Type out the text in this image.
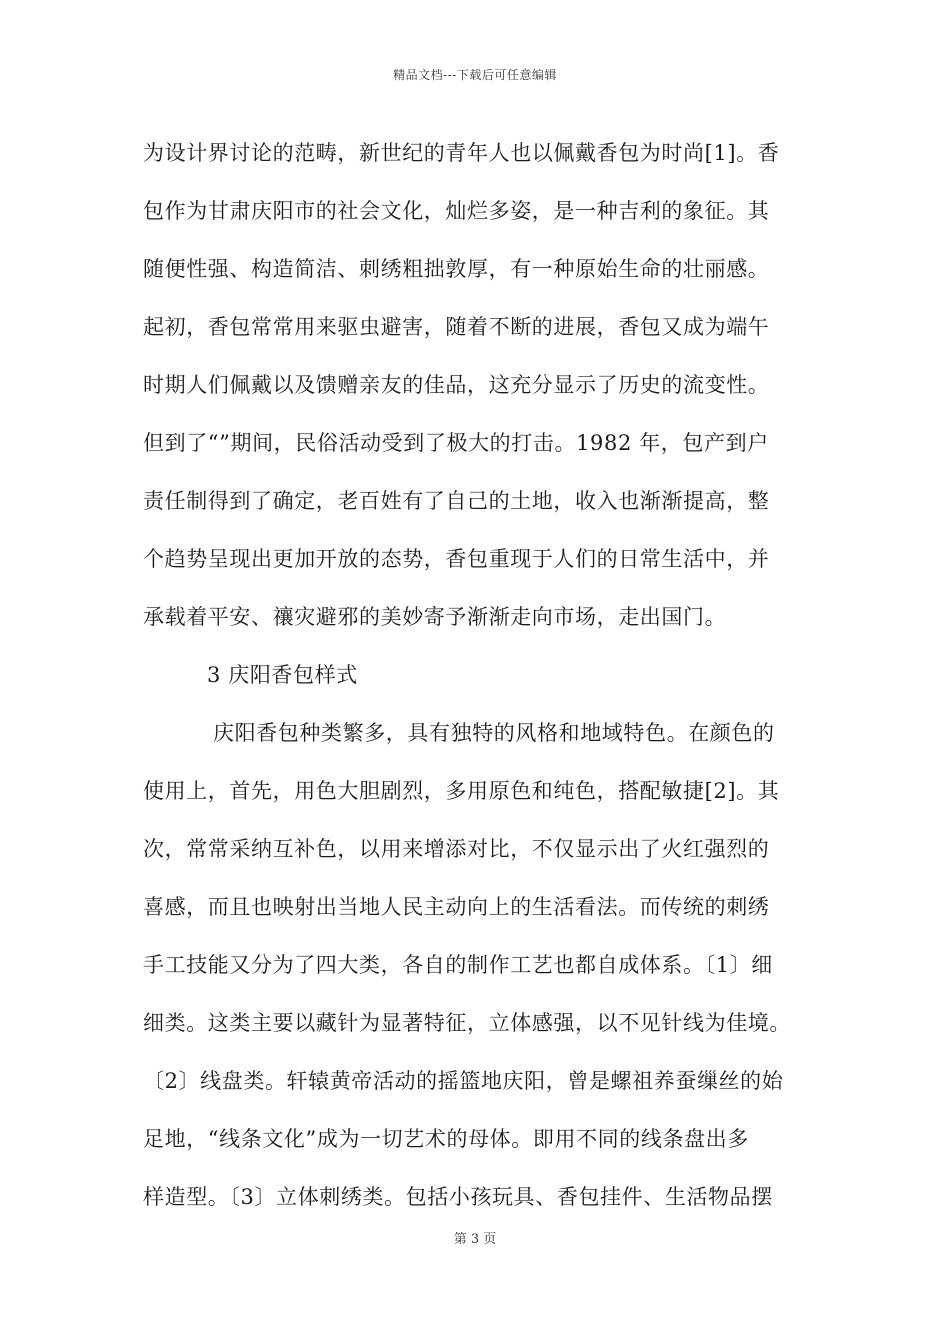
精品文档---下载后可任意编辑
为设计界讨论的范畴，新世纪的青年人也以佩戴香包为时尚[1]。香
包作为甘肃庆阳市的社会文化，灿烂多姿，是一种吉利的象征。其
随便性强、构造简洁、刺绣粗拙敦厚，有一种原始生命的壮丽感。
起初，香包常常用来驱虫避害，随着不断的进展，香包又成为端午
时期人们佩戴以及馈赠亲友的佳品，这充分显示了历史的流变性。
但到了“”期间，民俗活动受到了极大的打击。1982 年，包产到户
责任制得到了确定，老百姓有了自己的土地，收入也渐渐提高，整
个趋势呈现出更加开放的态势，香包重现于人们的日常生活中，并
承载着平安、禳灾避邪的美妙寄予渐渐走向市场，走出国门。
3 庆阳香包样式
庆阳香包种类繁多，具有独特的风格和地域特色。在颜色的
使用上，首先，用色大胆剧烈，多用原色和纯色，搭配敏捷[2]。其
次，常常采纳互补色，以用来增添对比，不仅显示出了火红强烈的
喜感，而且也映射出当地人民主动向上的生活看法。而传统的刺绣
手工技能又分为了四大类，各自的制作工艺也都自成体系。〔1〕细
细类。这类主要以藏针为显著特征，立体感强，以不见针线为佳境。
〔2〕线盘类。轩辕黄帝活动的摇篮地庆阳，曾是螺祖养蚕缫丝的始
足地，“线条文化”成为一切艺术的母体。即用不同的线条盘出多
样造型。〔3〕立体刺绣类。包括小孩玩具、香包挂件、生活物品摆
第 3 页
